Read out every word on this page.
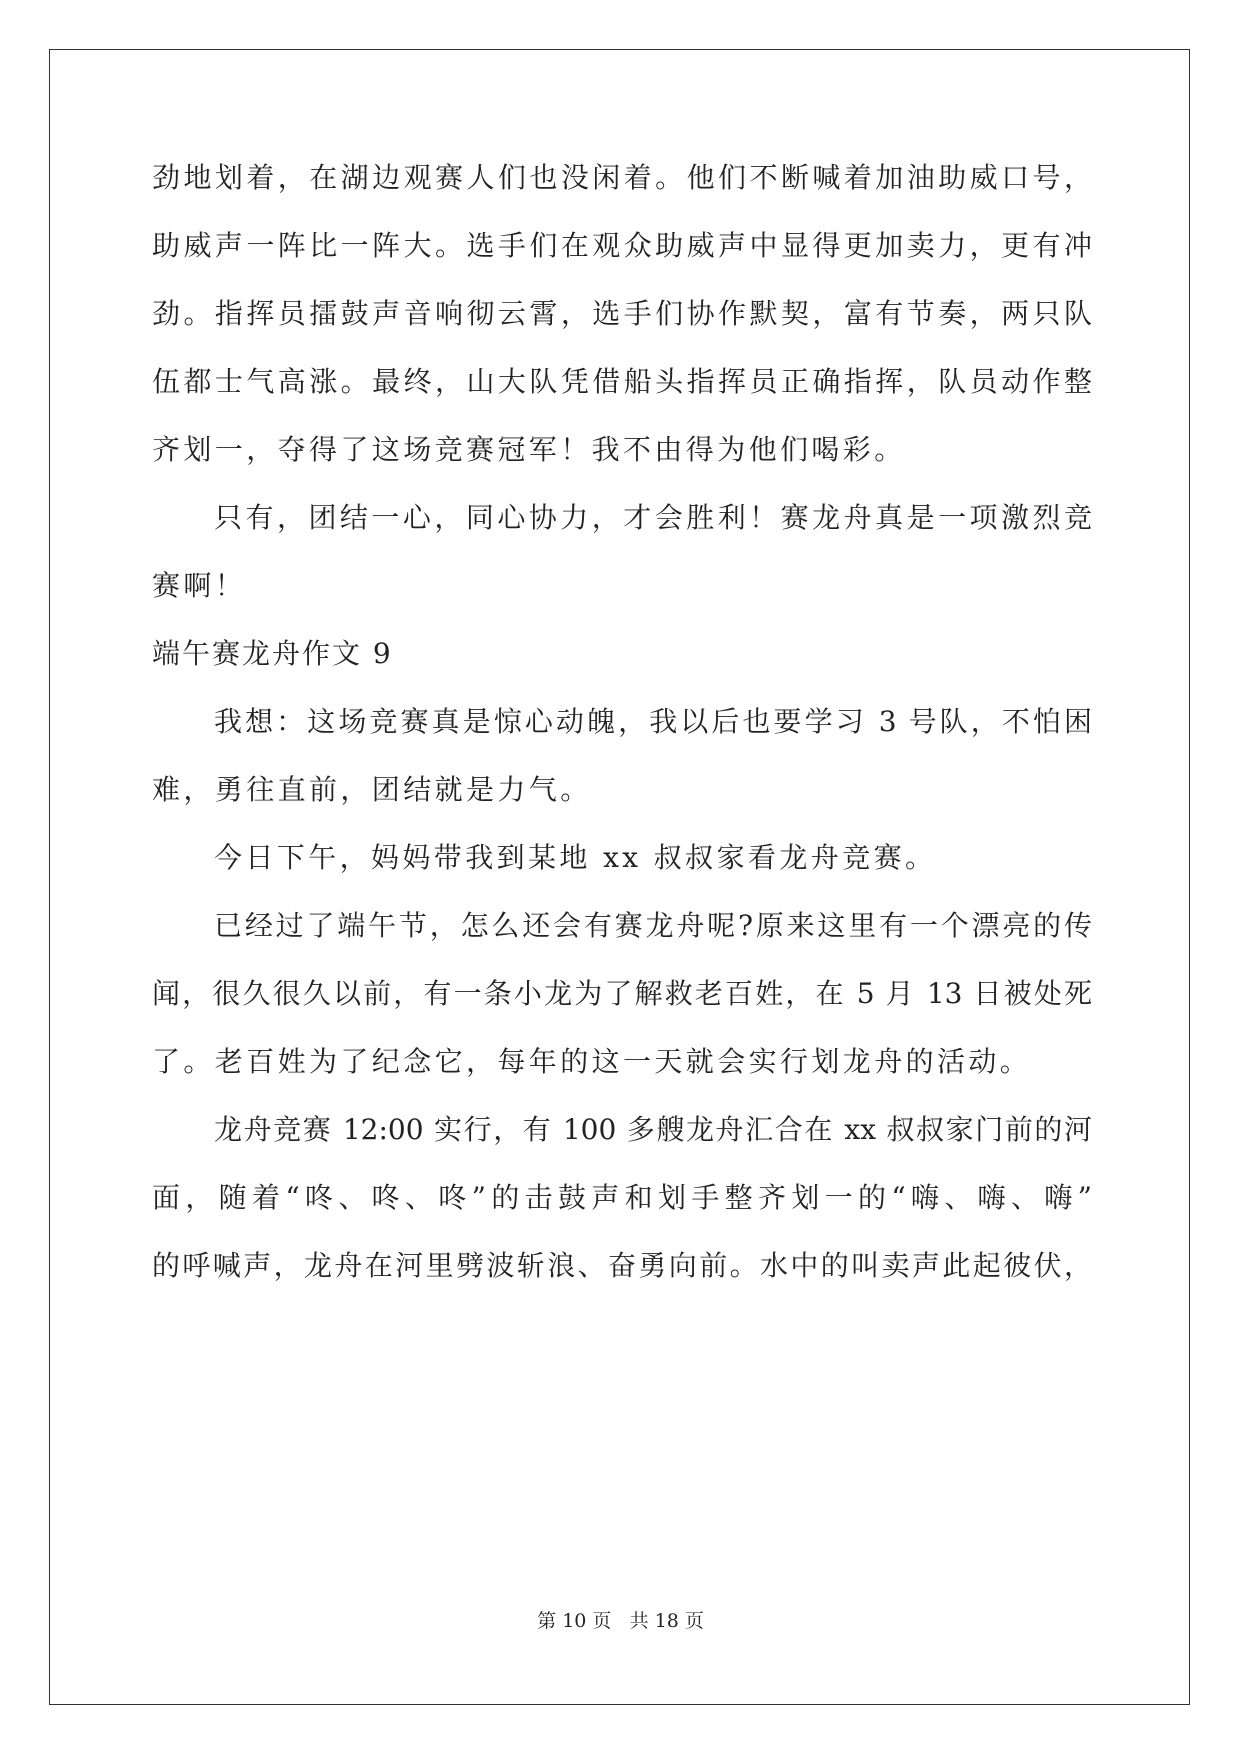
劲地划着，在湖边观赛人们也没闲着。他们不断喊着加油助威口号，
助威声一阵比一阵大。选手们在观众助威声中显得更加卖力，更有冲
劲。指挥员擂鼓声音响彻云霄，选手们协作默契，富有节奏，两只队
伍都士气高涨。最终，山大队凭借船头指挥员正确指挥，队员动作整
齐划一，夺得了这场竞赛冠军！我不由得为他们喝彩。
只有，团结一心，同心协力，才会胜利！赛龙舟真是一项激烈竞
赛啊！
端午赛龙舟作文 9
我想：这场竞赛真是惊心动魄，我以后也要学习 3 号队，不怕困
难，勇往直前，团结就是力气。
今日下午，妈妈带我到某地 xx 叔叔家看龙舟竞赛。
已经过了端午节，怎么还会有赛龙舟呢?原来这里有一个漂亮的传
闻，很久很久以前，有一条小龙为了解救老百姓，在 5 月 13 日被处死
了。老百姓为了纪念它，每年的这一天就会实行划龙舟的活动。
龙舟竞赛 12:00 实行，有 100 多艘龙舟汇合在 xx 叔叔家门前的河
面，随着“咚、咚、咚”的击鼓声和划手整齐划一的“嗨、嗨、嗨”
的呼喊声，龙舟在河里劈波斩浪、奋勇向前。水中的叫卖声此起彼伏，
第 10 页 共 18 页
